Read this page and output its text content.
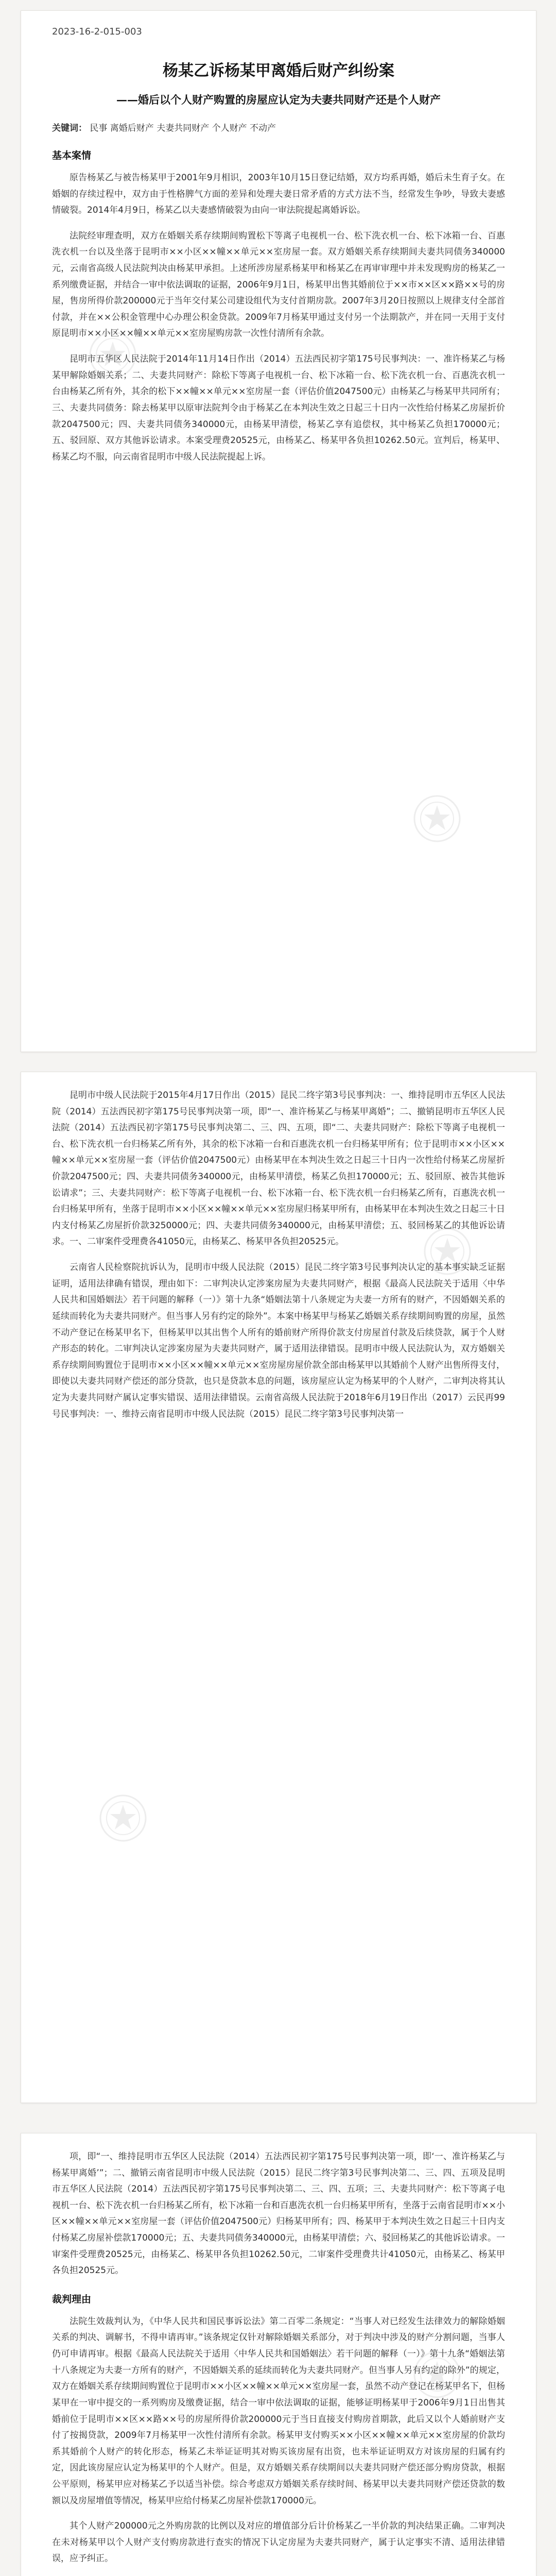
2023-16-2-015-003
杨某乙诉杨某甲离婚后财产纠纷案
——婚后以个人财产购置的房屋应认定为夫妻共同财产还是个人财产
关键词： 民事 离婚后财产 夫妻共同财产 个人财产 不动产
基本案情

原告杨某乙与被告杨某甲于2001年9月相识，2003年10月15日登记结婚，双方均系再婚，婚后未生育子女。在婚姻的存续过程中，双方由于性格脾气方面的差异和处理夫妻日常矛盾的方式方法不当，经常发生争吵，导致夫妻感情破裂。2014年4月9日，杨某乙以夫妻感情破裂为由向一审法院提起离婚诉讼。

法院经审理查明，双方在婚姻关系存续期间购置松下等离子电视机一台、松下洗衣机一台、松下冰箱一台、百惠洗衣机一台以及坐落于昆明市××小区××幢××单元××室房屋一套。双方婚姻关系存续期间夫妻共同债务340000元，云南省高级人民法院判决由杨某甲承担。上述所涉房屋系杨某甲和杨某乙在再审审理中并未发现购房的杨某乙一系列缴费证据，并结合一审中依法调取的证据，2006年9月1日，杨某甲出售其婚前位于××市××区××路××号的房屋，售房所得价款200000元于当年交付某公司建设组代为支付首期房款。2007年3月20日按照以上规律支付全部首付款，并在××公积金管理中心办理公积金贷款。2009年7月杨某甲通过支付另一个法期款产，并在同一天用于支付原昆明市××小区××幢××单元××室房屋购房款一次性付清所有余款。

昆明市五华区人民法院于2014年11月14日作出（2014）五法西民初字第175号民事判决：一、准许杨某乙与杨某甲解除婚姻关系；二、夫妻共同财产：除松下等离子电视机一台、松下冰箱一台、松下洗衣机一台、百惠洗衣机一台由杨某乙所有外，其余的松下××幢××单元××室房屋一套（评估价值2047500元）由杨某乙与杨某甲共同所有；三、夫妻共同债务：除去杨某甲以原审法院判令由于杨某乙在本判决生效之日起三十日内一次性给付杨某乙房屋折价款2047500元；四、夫妻共同债务340000元，由杨某甲清偿，杨某乙享有追偿权，其中杨某乙负担170000元；五、驳回原、双方其他诉讼请求。本案受理费20525元，由杨某乙、杨某甲各负担10262.50元。宣判后，杨某甲、杨某乙均不服，向云南省昆明市中级人民法院提起上诉。

昆明市中级人民法院于2015年4月17日作出（2015）昆民二终字第3号民事判决：一、维持昆明市五华区人民法院（2014）五法西民初字第175号民事判决第一项，即“一、准许杨某乙与杨某甲离婚”；二、撤销昆明市五华区人民法院（2014）五法西民初字第175号民事判决第二、三、四、五项，即“二、夫妻共同财产：除松下等离子电视机一台、松下洗衣机一台归杨某乙所有外，其余的松下冰箱一台和百惠洗衣机一台归杨某甲所有；位于昆明市××小区××幢××单元××室房屋一套（评估价值2047500元）由杨某甲在本判决生效之日起三十日内一次性给付杨某乙房屋折价款2047500元；四、夫妻共同债务340000元，由杨某甲清偿，杨某乙负担170000元；五、驳回原、被告其他诉讼请求”；三、夫妻共同财产：松下等离子电视机一台、松下冰箱一台、松下洗衣机一台归杨某乙所有，百惠洗衣机一台归杨某甲所有，坐落于昆明市××小区××幢××单元××室房屋归杨某甲所有，由杨某甲在本判决生效之日起三十日内支付杨某乙房屋折价款3250000元；四、夫妻共同债务340000元，由杨某甲清偿；五、驳回杨某乙的其他诉讼请求。一、二审案件受理费各41050元，由杨某乙、杨某甲各负担20525元。

云南省人民检察院抗诉认为，昆明市中级人民法院（2015）昆民二终字第3号民事判决认定的基本事实缺乏证据证明，适用法律确有错误，理由如下：二审判决认定涉案房屋为夫妻共同财产，根据《最高人民法院关于适用〈中华人民共和国婚姻法〉若干问题的解释（一）》第十九条“婚姻法第十八条规定为夫妻一方所有的财产，不因婚姻关系的延续而转化为夫妻共同财产。但当事人另有约定的除外”。本案中杨某甲与杨某乙婚姻关系存续期间购置的房屋，虽然不动产登记在杨某甲名下，但杨某甲以其出售个人所有的婚前财产所得价款支付房屋首付款及后续贷款，属于个人财产形态的转化。二审判决认定涉案房屋为夫妻共同财产，属于适用法律错误。昆明市中级人民法院认为，双方婚姻关系存续期间购置位于昆明市××小区××幢××单元××室房屋房屋价款全部由杨某甲以其婚前个人财产出售所得支付，即使以夫妻共同财产偿还的部分贷款，也只是贷款本息的问题，该房屋应认定为杨某甲的个人财产，二审判决将其认定为夫妻共同财产属认定事实错误、适用法律错误。云南省高级人民法院于2018年6月19日作出（2017）云民再99号民事判决：一、维持云南省昆明市中级人民法院（2015）昆民二终字第3号民事判决第一

项，即“一、维持昆明市五华区人民法院（2014）五法西民初字第175号民事判决第一项，即‘一、准许杨某乙与杨某甲离婚’”；二、撤销云南省昆明市中级人民法院（2015）昆民二终字第3号民事判决第二、三、四、五项及昆明市五华区人民法院（2014）五法西民初字第175号民事判决第二、三、四、五项；三、夫妻共同财产：松下等离子电视机一台、松下洗衣机一台归杨某乙所有，松下冰箱一台和百惠洗衣机一台归杨某甲所有，坐落于云南省昆明市××小区××幢××单元××室房屋一套（评估价值2047500元）归杨某甲所有；四、杨某甲于本判决生效之日起三十日内支付杨某乙房屋补偿款170000元；五、夫妻共同债务340000元，由杨某甲清偿；六、驳回杨某乙的其他诉讼请求。一审案件受理费20525元，由杨某乙、杨某甲各负担10262.50元，二审案件受理费共计41050元，由杨某乙、杨某甲各负担20525元。

裁判理由

法院生效裁判认为，《中华人民共和国民事诉讼法》第二百零二条规定：“当事人对已经发生法律效力的解除婚姻关系的判决、调解书，不得申请再审。”该条规定仅针对解除婚姻关系部分，对于判决中涉及的财产分割问题，当事人仍可申请再审。根据《最高人民法院关于适用〈中华人民共和国婚姻法〉若干问题的解释（一）》第十九条“婚姻法第十八条规定为夫妻一方所有的财产，不因婚姻关系的延续而转化为夫妻共同财产。但当事人另有约定的除外”的规定，双方在婚姻关系存续期间购置位于昆明市××小区××幢××单元××室房屋一套，虽然不动产登记在杨某甲名下，但杨某甲在一审中提交的一系列购房及缴费证据，结合一审中依法调取的证据，能够证明杨某甲于2006年9月1日出售其婚前位于昆明市××区××路××号的房屋所得价款200000元于当日直接支付购房首期款，此后又以个人婚前财产支付了按揭贷款，2009年7月杨某甲一次性付清所有余款。杨某甲支付购买××小区××幢××单元××室房屋的价款均系其婚前个人财产的转化形态，杨某乙未举证证明其对购买该房屋有出资，也未举证证明双方对该房屋的归属有约定，因此该房屋应认定为杨某甲的个人财产。但是，双方婚姻关系存续期间以夫妻共同财产偿还部分购房贷款，根据公平原则，杨某甲应对杨某乙予以适当补偿。综合考虑双方婚姻关系存续时间、杨某甲以夫妻共同财产偿还贷款的数额以及房屋增值等情况，杨某甲应给付杨某乙房屋补偿款170000元。

其个人财产200000元之外购房款的比例以及对应的增值部分后计价杨某乙一半价款的判决结果正确。二审判决在未对杨某甲以个人财产支付购房款进行查实的情况下认定房屋为夫妻共同财产，属于认定事实不清、适用法律错误，应予纠正。
